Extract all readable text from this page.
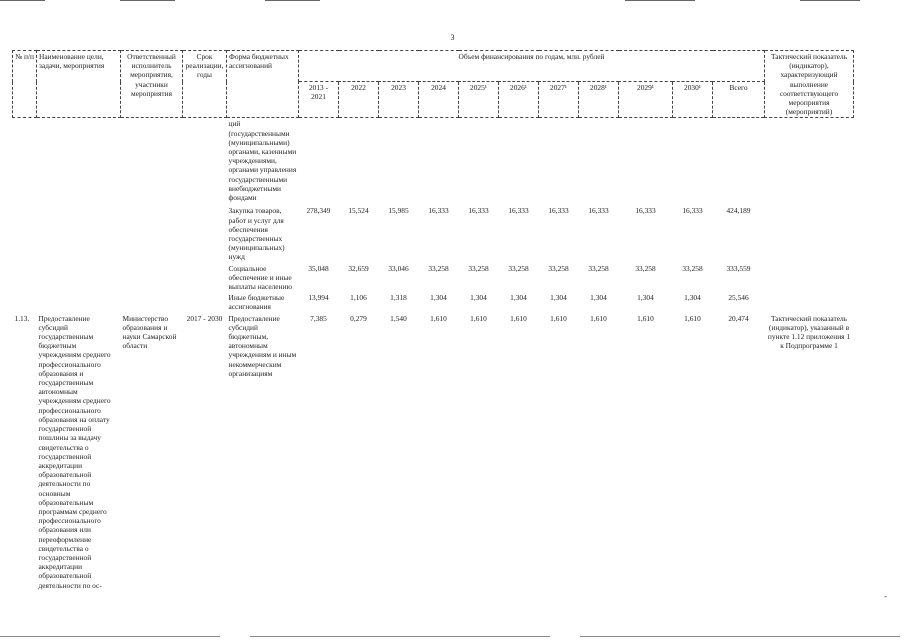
3
№ п/п	Наименование цели, задачи, мероприятия	Ответственный исполнитель мероприятия, участники мероприятия	Срок реализации, годы	Форма бюджетных ассигнований	Объем финансирования по годам, млн. рублей											Тактический показатель (индикатор), характеризующий выполнение соответствующего мероприятия (мероприятий)
					2013 - 2021	2022	2023	2024	2025¹	2026¹	2027¹	2028¹	2029¹	2030¹	Всего	
				ций (государственными (муниципальными) органами, казенными учреждениями, органами управления государственными внебюджетными фондами												
				Закупка товаров, работ и услуг для обеспечения государственных (муниципальных) нужд	278,349	15,524	15,985	16,333	16,333	16,333	16,333	16,333	16,333	16,333	424,189	
				Социальное обеспечение и иные выплаты населению	35,048	32,659	33,046	33,258	33,258	33,258	33,258	33,258	33,258	33,258	333,559	
				Иные бюджетные ассигнования	13,994	1,106	1,318	1,304	1,304	1,304	1,304	1,304	1,304	1,304	25,546	
1.13.	Предоставление субсидий государственным бюджетным учреждениям среднего профессионального образования и государственным автономным учреждениям среднего профессионального образования на оплату государственной пошлины за выдачу свидетельства о государственной аккредитации образовательной деятельности по основным образовательным программам среднего профессионального образования или переоформление свидетельства о государственной аккредитации образовательной деятельности по ос-	Министерство образования и науки Самарской области	2017 - 2030	Предоставление субсидий бюджетным, автономным учреждениям и иным некоммерческим организациям	7,385	0,279	1,540	1,610	1,610	1,610	1,610	1,610	1,610	1,610	20,474	Тактический показатель (индикатор), указанный в пункте 1.12 приложения 1 к Подпрограмме 1
-
